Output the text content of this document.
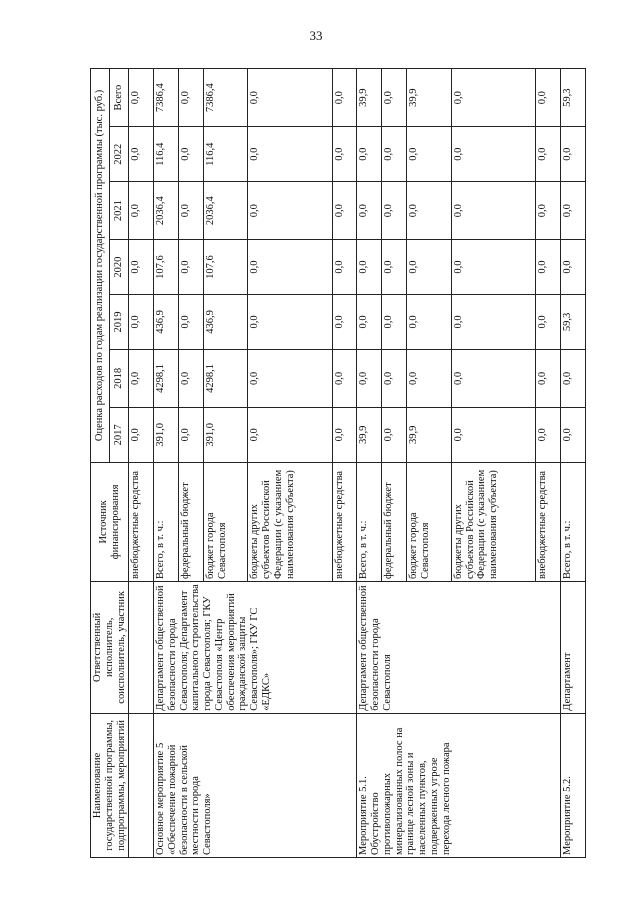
33
Наименование государственной программы, подпрограммы, мероприятий	Ответственный исполнитель, соисполнитель, участник	Источник финансирования	Оценка расходов по годам реализации государственной программы (тыс. руб.)						
			2017	2018	2019	2020	2021	2022	Всего
		внебюджетные средства	0,0	0,0	0,0	0,0	0,0	0,0	0,0
Основное мероприятие 5 «Обеспечение пожарной безопасности в сельской местности города Севастополя»	Департамент общественной безопасности города Севастополя; Департамент капитального строительства города Севастополя; ГКУ Севастополя «Центр обеспечения мероприятий гражданской защиты Севастополя»; ГКУ ГС «ЕДКС»	Всего, в т. ч.:	391,0	4298,1	436,9	107,6	2036,4	116,4	7386,4
		федеральный бюджет	0,0	0,0	0,0	0,0	0,0	0,0	0,0
		бюджет города Севастополя	391,0	4298,1	436,9	107,6	2036,4	116,4	7386,4
		бюджеты других субъектов Российской Федерации (с указанием наименования субъекта)	0,0	0,0	0,0	0,0	0,0	0,0	0,0
		внебюджетные средства	0,0	0,0	0,0	0,0	0,0	0,0	0,0
Мероприятие 5.1. Обустройство противопожарных минерализованных полос на границе лесной зоны и населенных пунктов, подверженных угрозе перехода лесного пожара	Департамент общественной безопасности города Севастополя	Всего, в т. ч.:	39,9	0,0	0,0	0,0	0,0	0,0	39,9
		федеральный бюджет	0,0	0,0	0,0	0,0	0,0	0,0	0,0
		бюджет города Севастополя	39,9	0,0	0,0	0,0	0,0	0,0	39,9
		бюджеты других субъектов Российской Федерации (с указанием наименования субъекта)	0,0	0,0	0,0	0,0	0,0	0,0	0,0
		внебюджетные средства	0,0	0,0	0,0	0,0	0,0	0,0	0,0
Мероприятие 5.2.	Департамент	Всего, в т. ч.:	0,0	0,0	59,3	0,0	0,0	0,0	59,3
